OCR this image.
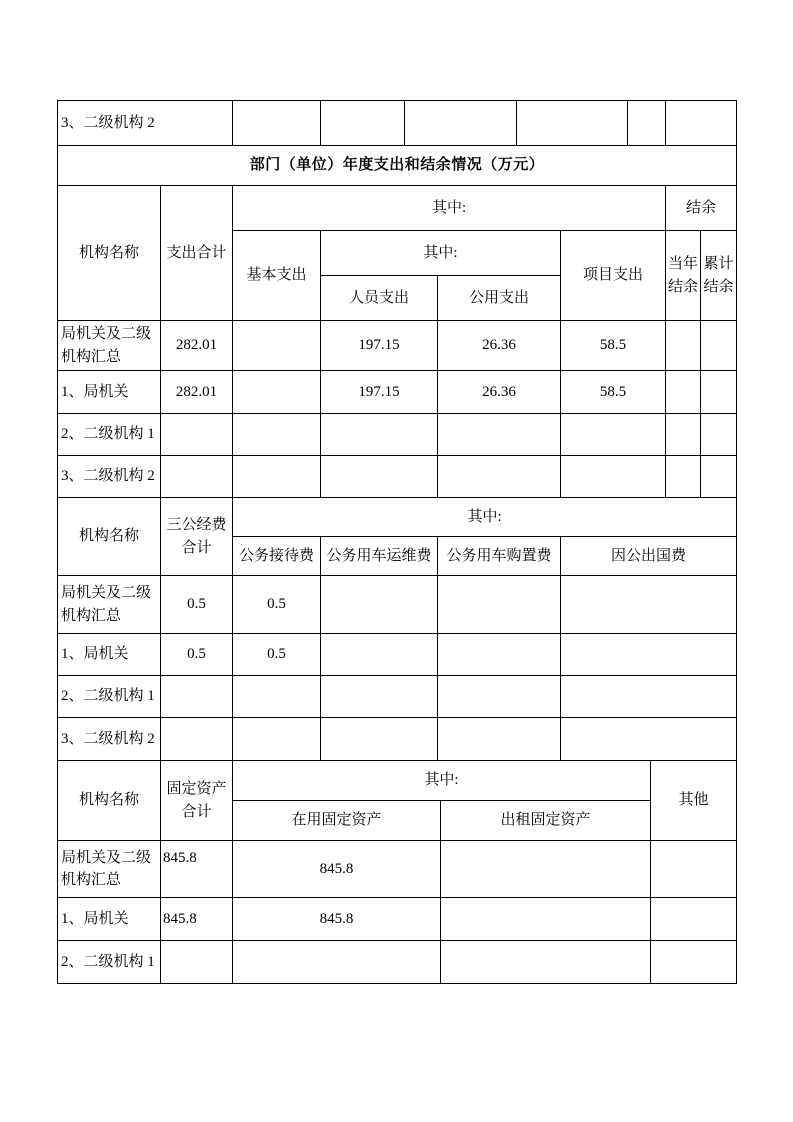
3、二级机构 2						
部门（单位）年度支出和结余情况（万元）
机构名称	支出合计	其中:				结余	
		基本支出	其中:		项目支出	当年结余	累计结余
			人员支出	公用支出			
局机关及二级机构汇总	282.01		197.15	26.36	58.5		
1、局机关	282.01		197.15	26.36	58.5		
2、二级机构 1							
3、二级机构 2							
机构名称	三公经费合计	其中:			
		公务接待费	公务用车运维费	公务用车购置费	因公出国费
局机关及二级机构汇总	0.5	0.5			
1、局机关	0.5	0.5			
2、二级机构 1					
3、二级机构 2					
机构名称	固定资产合计	其中:		其他
		在用固定资产	出租固定资产	
局机关及二级机构汇总	845.8	845.8		
1、局机关	845.8	845.8		
2、二级机构 1				
